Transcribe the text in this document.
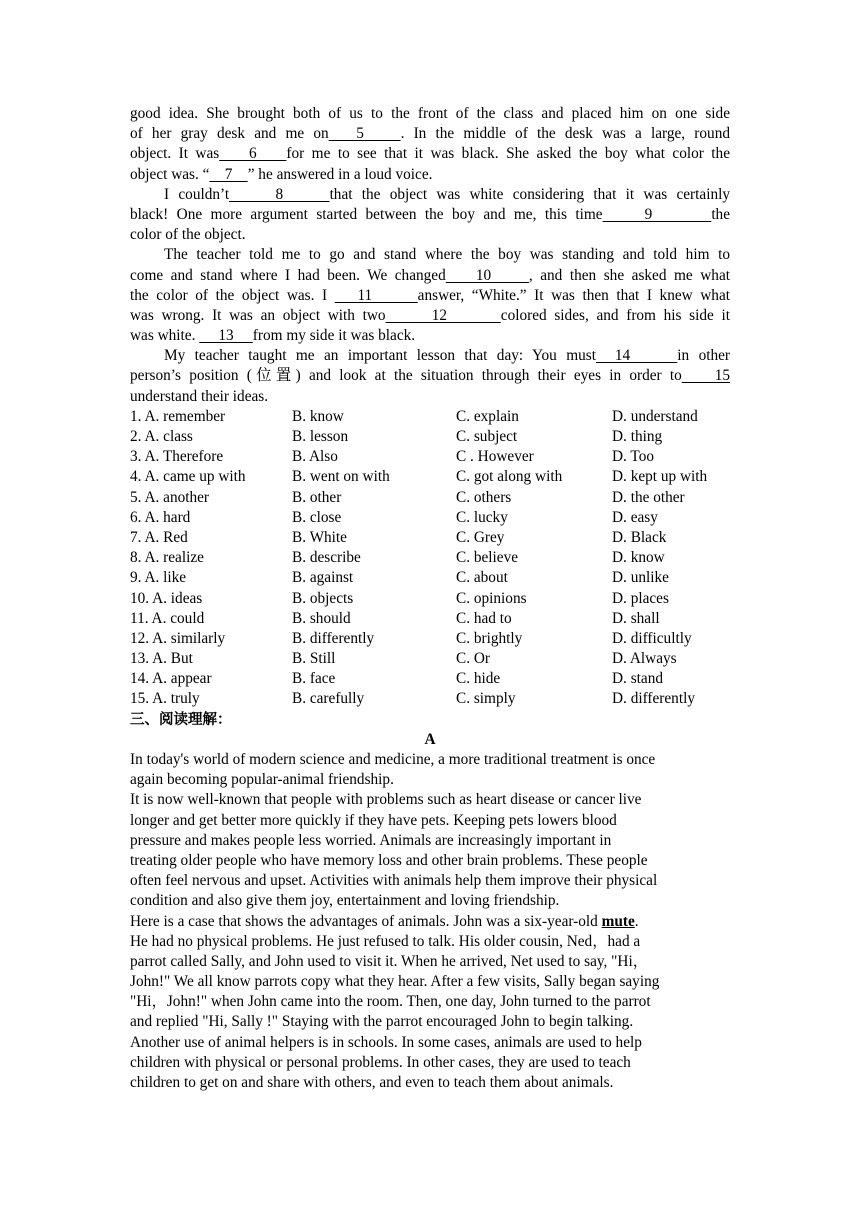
good idea. She brought both of us to the front of the class and placed him on one side
of her gray desk and me on   5    . In the middle of the desk was a large, round
object. It was    6    for me to see that it was black. She asked the boy what color the
object was. “    7    ” he answered in a loud voice.
I couldn’t     8     that the object was white considering that it was certainly
black! One more argument started between the boy and me, this time     9       the
color of the object.
The teacher told me to go and stand where the boy was standing and told him to
come and stand where I had been. We changed    10     , and then she asked me what
the color of the object was. I    11      answer, “White.” It was then that I knew what
was wrong. It was an object with two      12       colored sides, and from his side it
was white.      13     from my side it was black.
My teacher taught me an important lesson that day: You must  14     in other
person’s position (位置) and look at the situation through their eyes in order to    15
understand their ideas.
1. A. remember	B. know	C. explain	D. understand
2. A. class	B. lesson	C. subject	D. thing
3. A. Therefore	B. Also	C . However	D. Too
4. A. came up with	B. went on with	C. got along with	D. kept up with
5. A. another	B. other	C. others	D. the other
6. A. hard	B. close	C. lucky	D. easy
7. A. Red	B. White	C. Grey	D. Black
8. A. realize	B. describe	C. believe	D. know
9. A. like	B. against	C. about	D. unlike
10. A. ideas	B. objects	C. opinions	D. places
11. A. could	B. should	C. had to	D. shall
12. A. similarly	B. differently	C. brightly	D. difficultly
13. A. But	B. Still	C. Or	D. Always
14. A. appear	B. face	C. hide	D. stand
15. A. truly	B. carefully	C. simply	D. differently
三、阅读理解：
A
In today's world of modern science and medicine, a more traditional treatment is once
again becoming popular-animal friendship.
It is now well-known that people with problems such as heart disease or cancer live
longer and get better more quickly if they have pets. Keeping pets lowers blood
pressure and makes people less worried. Animals are increasingly important in
treating older people who have memory loss and other brain problems. These people
often feel nervous and upset. Activities with animals help them improve their physical
condition and also give them joy, entertainment and loving friendship.
Here is a case that shows the advantages of animals. John was a six-year-old mute.
He had no physical problems. He just refused to talk. His older cousin, Ned，had a
parrot called Sally, and John used to visit it. When he arrived, Net used to say, "Hi，
John!" We all know parrots copy what they hear. After a few visits, Sally began saying
"Hi，John!" when John came into the room. Then, one day, John turned to the parrot
and replied "Hi, Sally !" Staying with the parrot encouraged John to begin talking.
Another use of animal helpers is in schools. In some cases, animals are used to help
children with physical or personal problems. In other cases, they are used to teach
children to get on and share with others, and even to teach them about animals.
